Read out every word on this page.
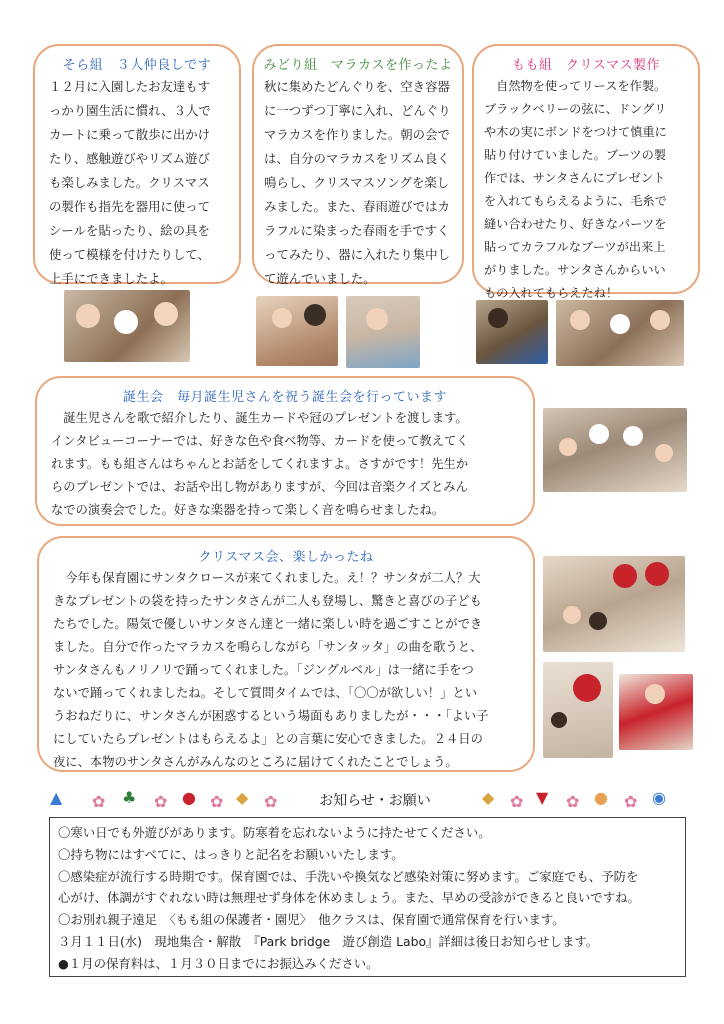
そら組　３人仲良しです
１２月に入園したお友達もす
っかり園生活に慣れ、３人で
カートに乗って散歩に出かけ
たり、感触遊びやリズム遊び
も楽しみました。クリスマス
の製作も指先を器用に使って
シールを貼ったり、絵の具を
使って模様を付けたりして、
上手にできましたよ。
みどり組　マラカスを作ったよ
秋に集めたどんぐりを、空き容器
に一つずつ丁寧に入れ、どんぐり
マラカスを作りました。朝の会で
は、自分のマラカスをリズム良く
鳴らし、クリスマスソングを楽し
みました。また、春雨遊びではカ
ラフルに染まった春雨を手ですく
ってみたり、器に入れたり集中し
て遊んでいました。
もも組　クリスマス製作
　自然物を使ってリースを作製。
ブラックベリーの弦に、ドングリ
や木の実にボンドをつけて慎重に
貼り付けていました。ブーツの製
作では、サンタさんにプレゼント
を入れてもらえるように、毛糸で
縫い合わせたり、好きなパーツを
貼ってカラフルなブーツが出来上
がりました。サンタさんからいい
もの入れてもらえたね！
誕生会　毎月誕生児さんを祝う誕生会を行っています
　誕生児さんを歌で紹介したり、誕生カードや冠のプレゼントを渡します。
インタビューコーナーでは、好きな色や食べ物等、カードを使って教えてく
れます。もも組さんはちゃんとお話をしてくれますよ。さすがです！先生か
らのプレゼントでは、お話や出し物がありますが、今回は音楽クイズとみん
なでの演奏会でした。好きな楽器を持って楽しく音を鳴らせましたね。
クリスマス会、楽しかったね
　今年も保育園にサンタクロースが来てくれました。え！？サンタが二人？大
きなプレゼントの袋を持ったサンタさんが二人も登場し、驚きと喜びの子ども
たちでした。陽気で優しいサンタさん達と一緒に楽しい時を過ごすことができ
ました。自分で作ったマラカスを鳴らしながら「サンタッタ」の曲を歌うと、
サンタさんもノリノリで踊ってくれました。「ジングルベル」は一緒に手をつ
ないで踊ってくれましたね。そして質問タイムでは、「〇〇が欲しい！」とい
うおねだりに、サンタさんが困惑するという場面もありましたが・・・「よい子
にしていたらプレゼントはもらえるよ」との言葉に安心できました。２４日の
夜に、本物のサンタさんがみんなのところに届けてくれたことでしょう。
▲ ✿ ♣ ✿ ● ✿ ◆ ✿	◆ ✿ ▼ ✿ ● ✿ ◉
お知らせ・お願い
〇寒い日でも外遊びがあります。防寒着を忘れないように持たせてください。
〇持ち物にはすべてに、はっきりと記名をお願いいたします。
〇感染症が流行する時期です。保育園では、手洗いや換気など感染対策に努めます。ご家庭でも、予防を
心がけ、体調がすぐれない時は無理せず身体を休めましょう。また、早めの受診ができると良いですね。
〇お別れ親子遠足　〈もも組の保護者・園児〉　他クラスは、保育園で通常保育を行います。
３月１１日(水)　現地集合・解散　『Park bridge　遊び創造 Labo』詳細は後日お知らせします。
●１月の保育料は、１月３０日までにお振込みください。
